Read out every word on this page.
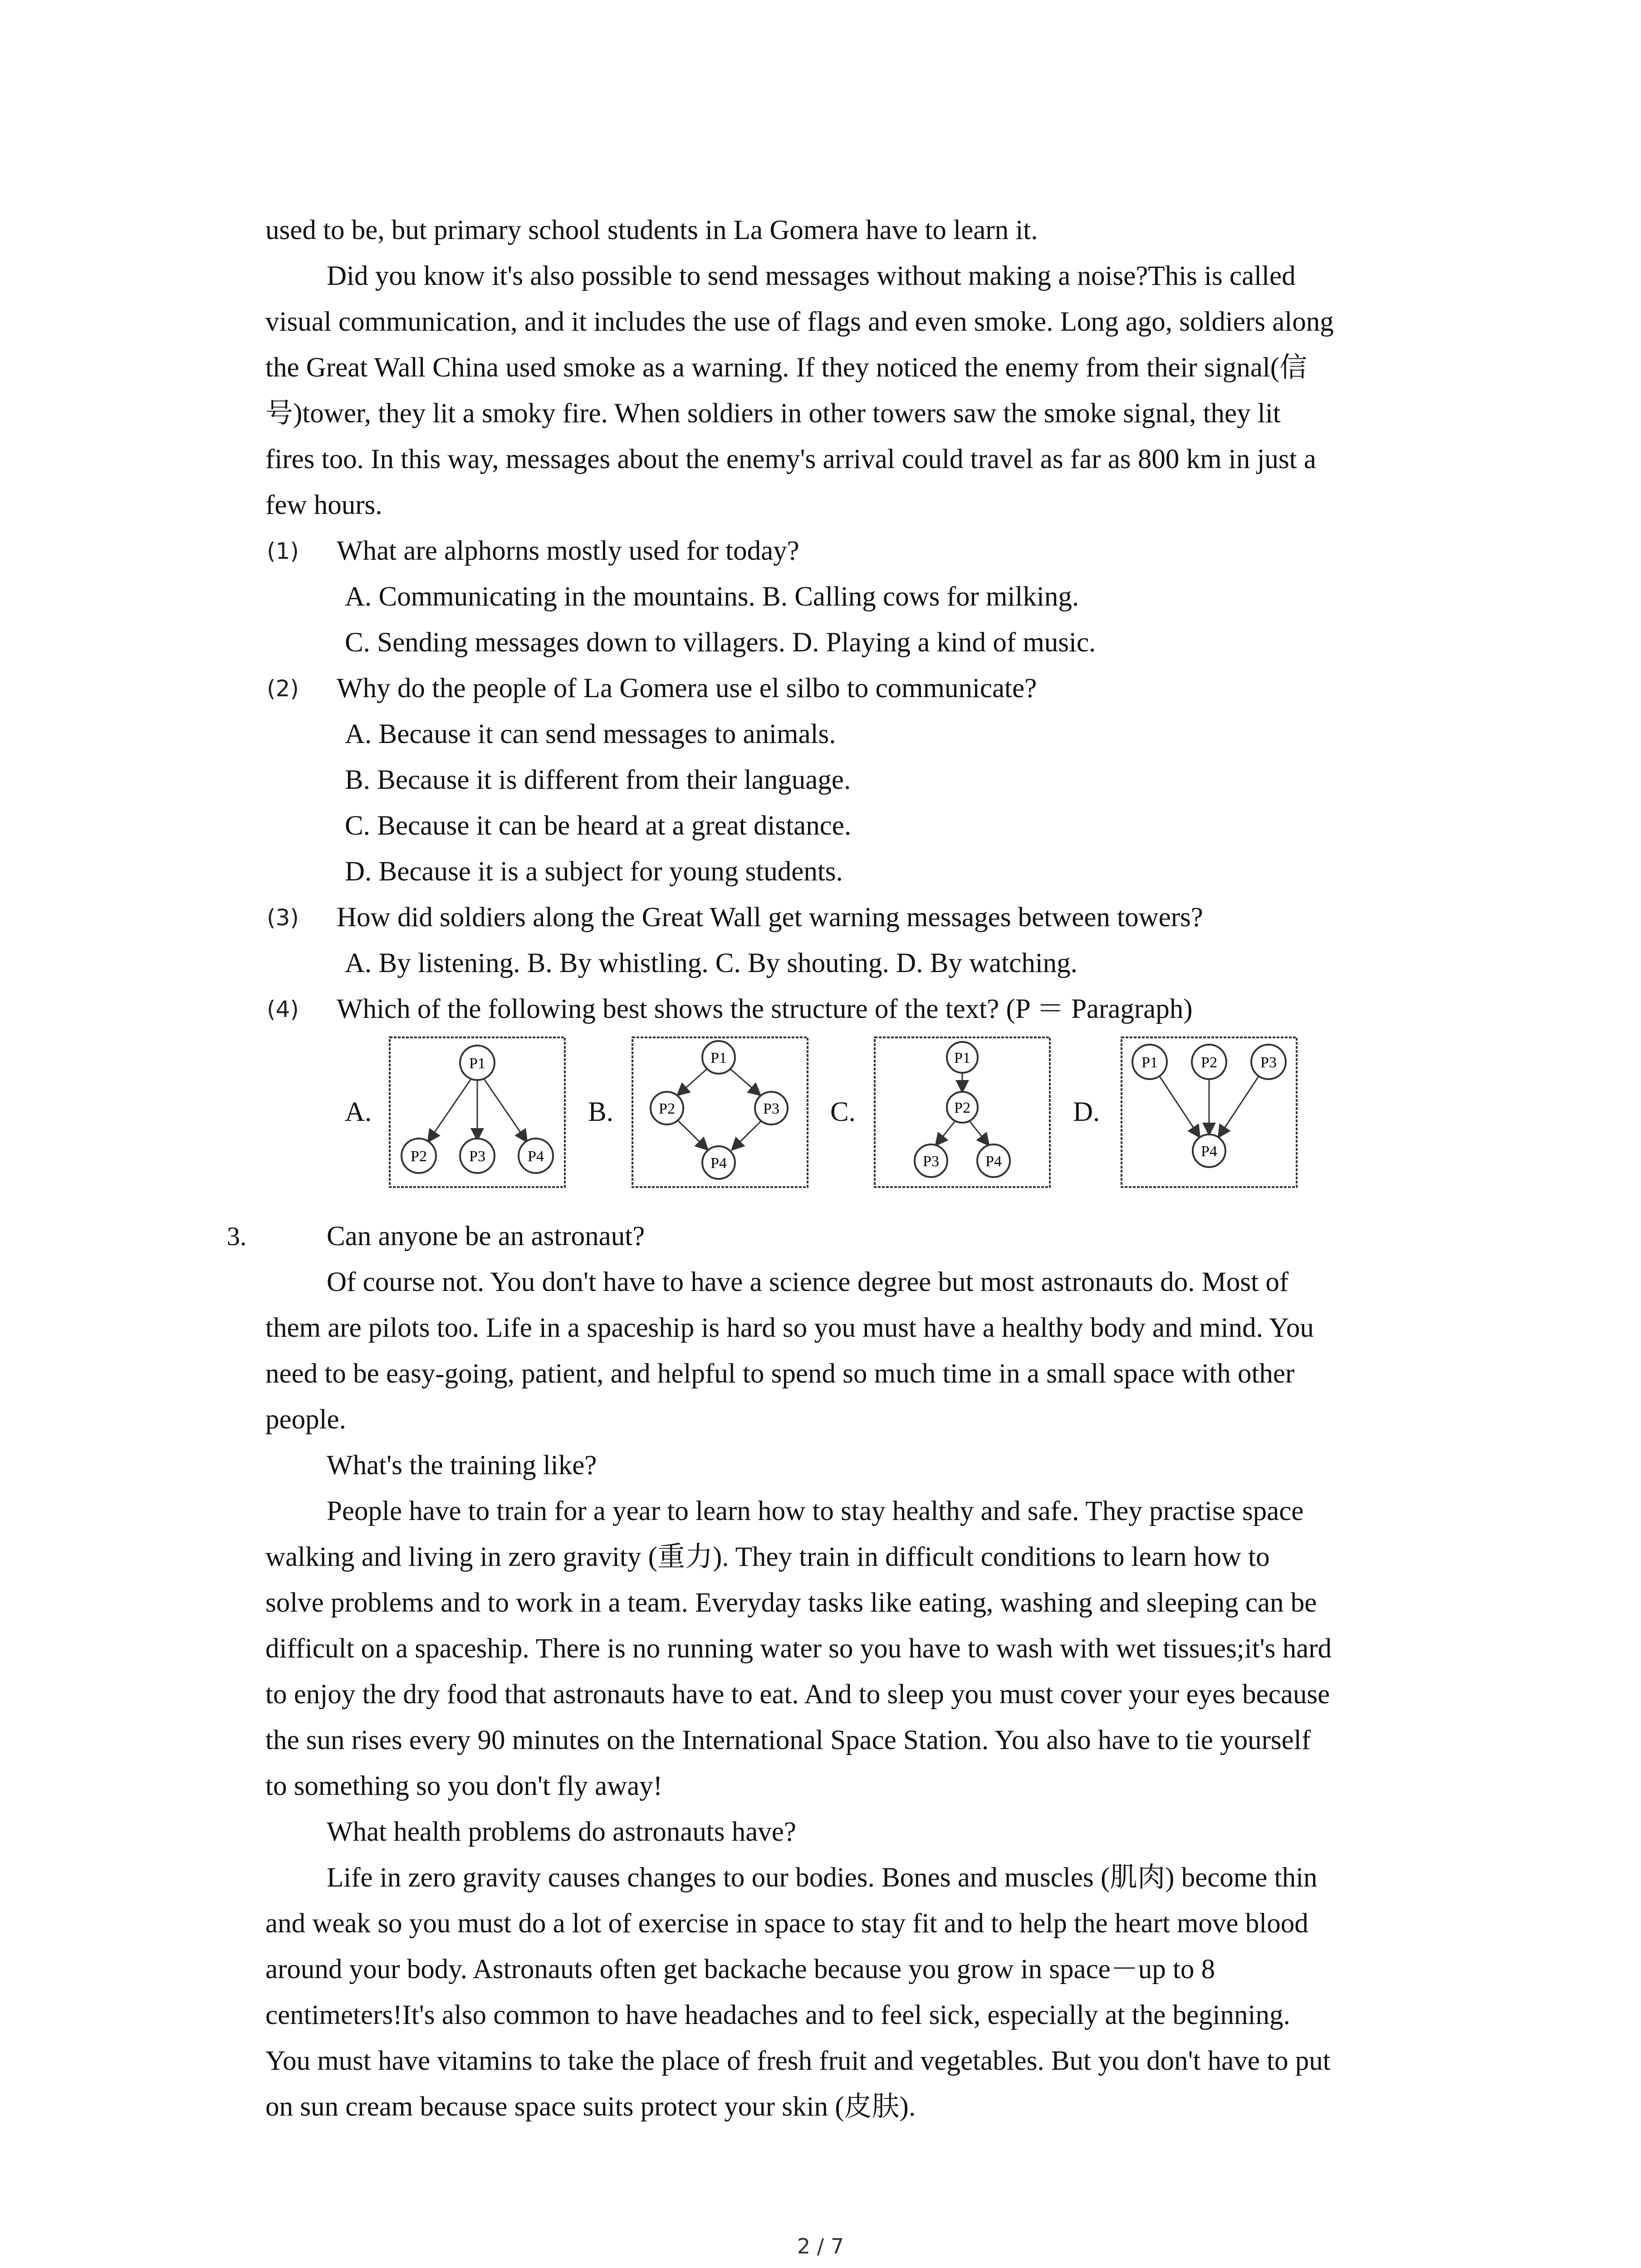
used to be, but primary school students in La Gomera have to learn it.
Did you know it's also possible to send messages without making a noise?This is called
visual communication, and it includes the use of flags and even smoke. Long ago, soldiers along
the Great Wall China used smoke as a warning. If they noticed the enemy from their signal(信
号)tower, they lit a smoky fire. When soldiers in other towers saw the smoke signal, they lit
fires too. In this way, messages about the enemy's arrival could travel as far as 800 km in just a
few hours.
(1) What are alphorns mostly used for today?
A. Communicating in the mountains. B. Calling cows for milking.
C. Sending messages down to villagers. D. Playing a kind of music.
(2) Why do the people of La Gomera use el silbo to communicate?
A. Because it can send messages to animals.
B. Because it is different from their language.
C. Because it can be heard at a great distance.
D. Because it is a subject for young students.
(3) How did soldiers along the Great Wall get warning messages between towers?
A. By listening. B. By whistling. C. By shouting. D. By watching.
(4) Which of the following best shows the structure of the text? (P ＝ Paragraph)
A.	B.	C.	D.
P1
P2	P3	P4
P1
P2	P3
P4
P1
P2
P3	P4
P1	P2	P3
P4
3.	Can anyone be an astronaut?
Of course not. You don't have to have a science degree but most astronauts do. Most of
them are pilots too. Life in a spaceship is hard so you must have a healthy body and mind. You
need to be easy-going, patient, and helpful to spend so much time in a small space with other
people.
What's the training like?
People have to train for a year to learn how to stay healthy and safe. They practise space
walking and living in zero gravity (重力). They train in difficult conditions to learn how to
solve problems and to work in a team. Everyday tasks like eating, washing and sleeping can be
difficult on a spaceship. There is no running water so you have to wash with wet tissues;it's hard
to enjoy the dry food that astronauts have to eat. And to sleep you must cover your eyes because
the sun rises every 90 minutes on the International Space Station. You also have to tie yourself
to something so you don't fly away!
What health problems do astronauts have?
Life in zero gravity causes changes to our bodies. Bones and muscles (肌肉) become thin
and weak so you must do a lot of exercise in space to stay fit and to help the heart move blood
around your body. Astronauts often get backache because you grow in space－up to 8
centimeters!It's also common to have headaches and to feel sick, especially at the beginning.
You must have vitamins to take the place of fresh fruit and vegetables. But you don't have to put
on sun cream because space suits protect your skin (皮肤).
2 / 7
